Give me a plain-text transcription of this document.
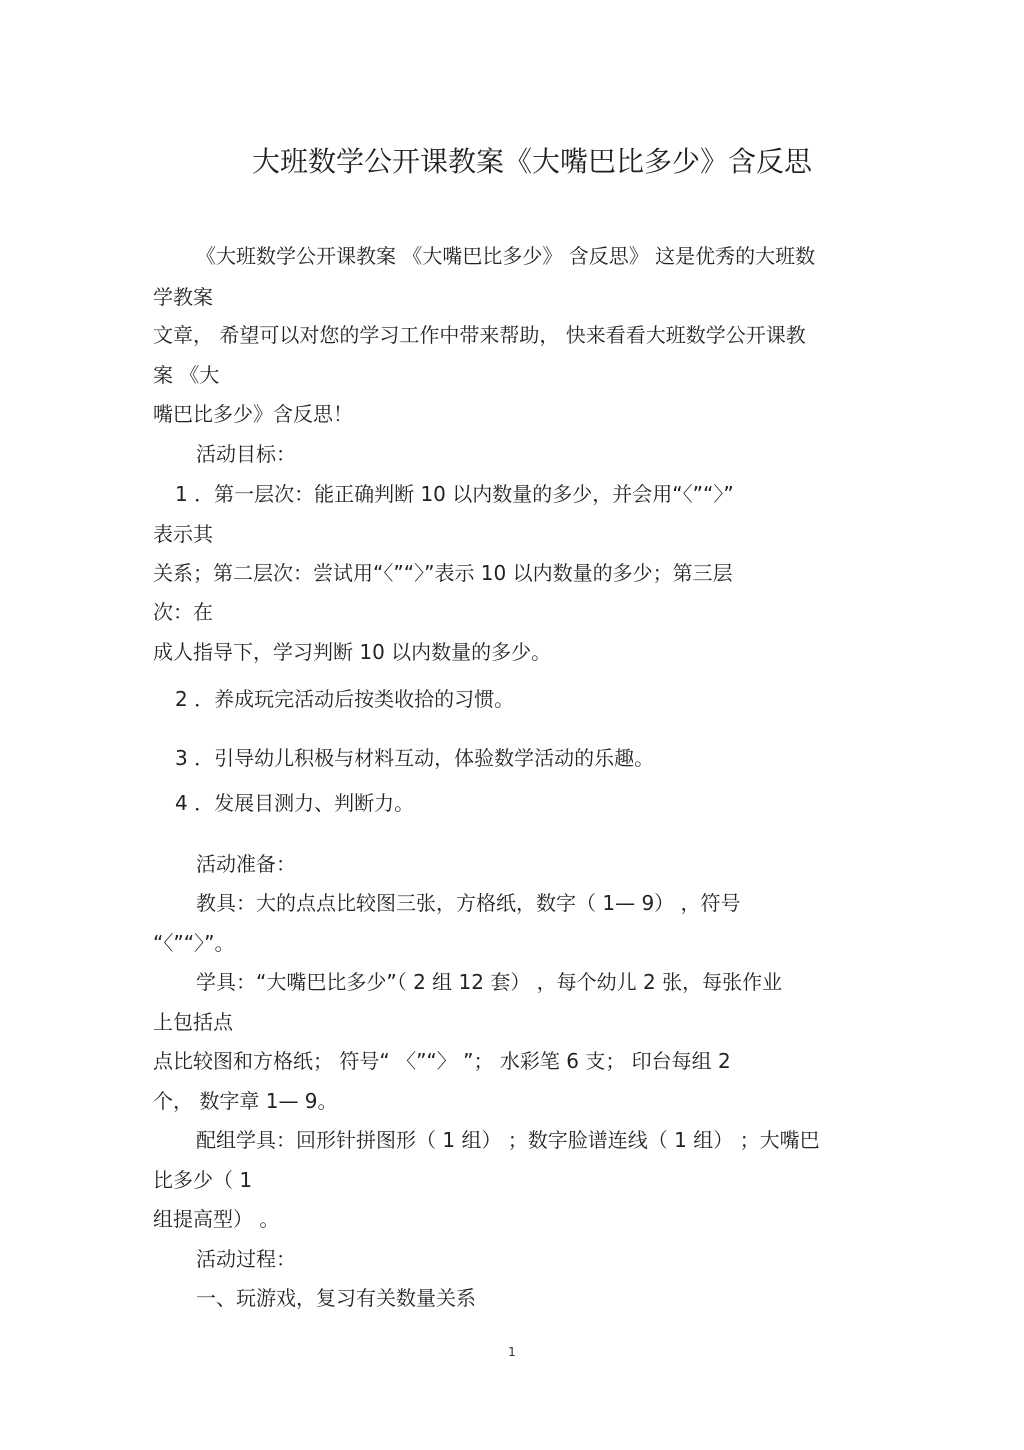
大班数学公开课教案《大嘴巴比多少》含反思
《大班数学公开课教案 《大嘴巴比多少》 含反思》 这是优秀的大班数
学教案
文章， 希望可以对您的学习工作中带来帮助， 快来看看大班数学公开课教
案 《大
嘴巴比多少》含反思！
活动目标：
1 ．第一层次：能正确判断 10 以内数量的多少，并会用“〈”“〉”
表示其
关系；第二层次：尝试用“〈”“〉”表示 10 以内数量的多少；第三层
次：在
成人指导下，学习判断 10 以内数量的多少。
2 ．养成玩完活动后按类收拾的习惯。
3 ．引导幼儿积极与材料互动，体验数学活动的乐趣。
4 ．发展目测力、判断力。
活动准备：
教具：大的点点比较图三张，方格纸，数字（ 1— 9） ，符号
“〈”“〉”。
学具：“大嘴巴比多少”（ 2 组 12 套） ，每个幼儿 2 张，每张作业
上包括点
点比较图和方格纸； 符号“ 〈”“〉 ”； 水彩笔 6 支； 印台每组 2
个， 数字章 1— 9。
配组学具：回形针拼图形（ 1 组） ；数字脸谱连线（ 1 组） ；大嘴巴
比多少（ 1
组提高型） 。
活动过程：
一、玩游戏，复习有关数量关系
1
